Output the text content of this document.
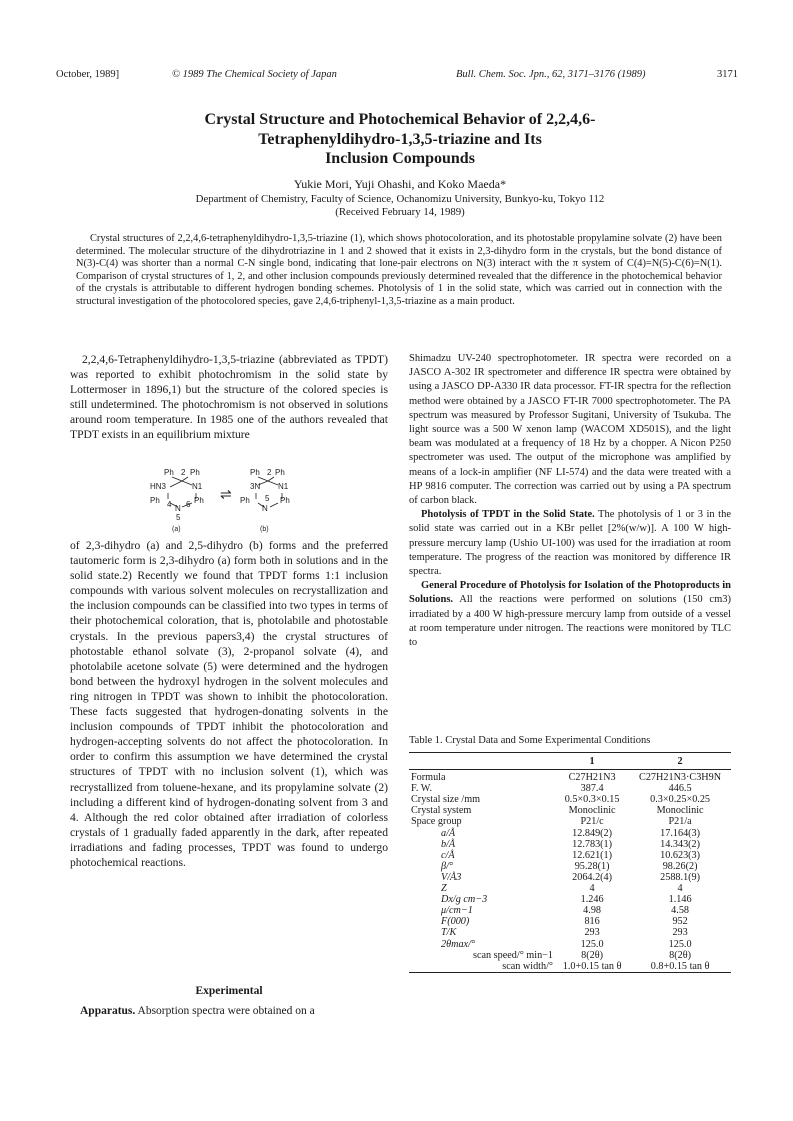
October, 1989]	© 1989 The Chemical Society of Japan	Bull. Chem. Soc. Jpn., 62, 3171–3176 (1989)	3171
Crystal Structure and Photochemical Behavior of 2,2,4,6-
Tetraphenyldihydro-1,3,5-triazine and Its
Inclusion Compounds
Yukie Mori, Yuji Ohashi, and Koko Maeda*
Department of Chemistry, Faculty of Science, Ochanomizu University, Bunkyo-ku, Tokyo 112
(Received February 14, 1989)
Crystal structures of 2,2,4,6-tetraphenyldihydro-1,3,5-triazine (1), which shows photocoloration, and its photostable propylamine solvate (2) have been determined. The molecular structure of the dihydrotriazine in 1 and 2 showed that it exists in 2,3-dihydro form in the crystals, but the bond distance of N(3)-C(4) was shorter than a normal C-N single bond, indicating that lone-pair electrons on N(3) interact with the π system of C(4)=N(5)-C(6)=N(1). Comparison of crystal structures of 1, 2, and other inclusion compounds previously determined revealed that the difference in the photochemical behavior of the crystals is attributable to different hydrogen bonding schemes. Photolysis of 1 in the solid state, which was carried out in connection with the structural investigation of the photocolored species, gave 2,4,6-triphenyl-1,3,5-triazine as a main product.

2,2,4,6-Tetraphenyldihydro-1,3,5-triazine (abbreviated as TPDT) was reported to exhibit photochromism in the solid state by Lottermoser in 1896,1) but the structure of the colored species is still undetermined. The photochromism is not observed in solutions around room temperature. In 1985 one of the authors revealed that TPDT exists in an equilibrium mixture

Ph 2 Ph
HN3	N1
Ph 4	Ph
6
N
5
(a)
⇌
Ph 2 Ph
3N N1
Ph 5 Ph
N
(b)

of 2,3-dihydro (a) and 2,5-dihydro (b) forms and the preferred tautomeric form is 2,3-dihydro (a) form both in solutions and in the solid state.2) Recently we found that TPDT forms 1:1 inclusion compounds with various solvent molecules on recrystallization and the inclusion compounds can be classified into two types in terms of their photochemical coloration, that is, photolabile and photostable crystals. In the previous papers3,4) the crystal structures of photostable ethanol solvate (3), 2-propanol solvate (4), and photolabile acetone solvate (5) were determined and the hydrogen bond between the hydroxyl hydrogen in the solvent molecules and ring nitrogen in TPDT was shown to inhibit the photocoloration. These facts suggested that hydrogen-donating solvents in the inclusion compounds of TPDT inhibit the photocoloration and hydrogen-accepting solvents do not affect the photocoloration. In order to confirm this assumption we have determined the crystal structures of TPDT with no inclusion solvent (1), which was recrystallized from toluene-hexane, and its propylamine solvate (2) including a different kind of hydrogen-donating solvent from 3 and 4. Although the red color obtained after irradiation of colorless crystals of 1 gradually faded apparently in the dark, after repeated irradiations and fading processes, TPDT was found to undergo photochemical reactions.

Experimental
Apparatus. Absorption spectra were obtained on a

Shimadzu UV-240 spectrophotometer. IR spectra were recorded on a JASCO A-302 IR spectrometer and difference IR spectra were obtained by using a JASCO DP-A330 IR data processor. FT-IR spectra for the reflection method were obtained by a JASCO FT-IR 7000 spectrophotometer. The PA spectrum was measured by Professor Sugitani, University of Tsukuba. The light source was a 500 W xenon lamp (WACOM XD501S), and the light beam was modulated at a frequency of 18 Hz by a chopper. A Nicon P250 spectrometer was used. The output of the microphone was amplified by means of a lock-in amplifier (NF LI-574) and the data were treated with a HP 9816 computer. The correction was carried out by using a PA spectrum of carbon black.

Photolysis of TPDT in the Solid State. The photolysis of 1 or 3 in the solid state was carried out in a KBr pellet [2%(w/w)]. A 100 W high-pressure mercury lamp (Ushio UI-100) was used for the irradiation at room temperature. The progress of the reaction was monitored by difference IR spectra.

General Procedure of Photolysis for Isolation of the Photoproducts in Solutions. All the reactions were performed on solutions (150 cm3) irradiated by a 400 W high-pressure mercury lamp from outside of a vessel at room temperature under nitrogen. The reactions were monitored by TLC to

Table 1. Crystal Data and Some Experimental Conditions
	1	2

Formula	C27H21N3	C27H21N3·C3H9N
F. W.	387.4	446.5
Crystal size /mm	0.5×0.3×0.15	0.3×0.25×0.25
Crystal system	Monoclinic	Monoclinic
Space group	P21/c	P21/a
a/Å	12.849(2)	17.164(3)
b/Å	12.783(1)	14.343(2)
c/Å	12.621(1)	10.623(3)
β/°	95.28(1)	98.26(2)
V/Å3	2064.2(4)	2588.1(9)
Z	4	4
Dx/g cm−3	1.246	1.146
μ/cm−1	4.98	4.58
F(000)	816	952
T/K	293	293
2θmax/°	125.0	125.0
scan speed/° min−1	8(2θ)	8(2θ)
scan width/°	1.0+0.15 tan θ	0.8+0.15 tan θ
